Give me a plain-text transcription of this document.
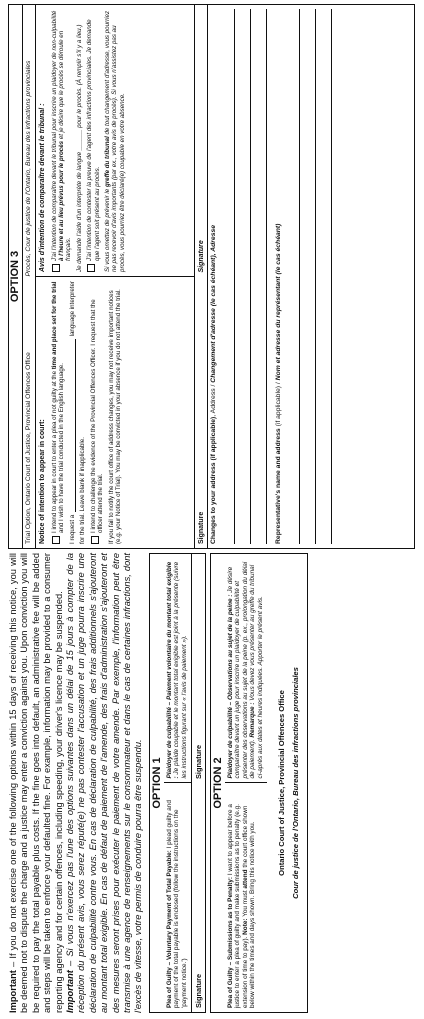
Important – If you do not exercise one of the following options within 15 days of receiving this notice, you will be deemed not to dispute the charge and a justice may enter a conviction against you. Upon conviction you will be required to pay the total payable plus costs. If the fine goes into default, an administrative fee will be added and steps will be taken to enforce your defaulted fine. For example, information may be provided to a consumer reporting agency and for certain offences, including speeding, your driver's licence may be suspended. Important – Si vous n'exercez pas l'une des options suivantes dans un délai de 15 jours à compter de la réception du présent avis, vous serez réputé(e) ne pas contester l'accusation et un juge pourra inscrire une déclaration de culpabilité contre vous. En cas de déclaration de culpabilité, des frais additionnels s'ajouteront au montant total exigible. En cas de défaut de paiement de l'amende, des frais d'administration s'ajouteront et des mesures seront prises pour exécuter le paiement de votre amende. Par exemple, l'information peut être transmise à une agence de renseignements sur le consommateur et dans le cas de certaines infractions, dont l'excès de vitesse, votre permis de conduire pourra être suspendu. OPTION 1
Plea of Guilty – Voluntary Payment of Total Payable: I plead guilty and payment of the total payable is enclosed (follow the instructions on the 'payment notice.')
Plaidoyer de culpabilité – Paiement volontaire du montant total exigible : Je plaide coupable et le montant total exigible est joint à la présente (suivre les instructions figurant sur « l'avis de paiement »).
Signature
Signature OPTION 2
Plea of Guilty – Submissions as to Penalty: I want to appear before a justice to enter a plea of guilty and make submissions as to penalty (e.g. extension of time to pay). Note: You must attend the court office shown below within the times and days shown. Bring this notice with you.
Plaidoyer de culpabilité – Observations au sujet de la peine : Je désire comparaître devant un juge pour inscrire un plaidoyer de culpabilité et présenter des observations au sujet de la peine (p. ex., prolongation du délai de paiement). Remarque : Vous devez vous présenter au greffe du tribunal ci-après aux dates et heures indiquées. Apporter le présent avis.
Ontario Court of Justice, Provincial Offences Office Cour de justice de l'Ontario, Bureau des infractions provinciales
OPTION 3
Trial Option, Ontario Court of Justice, Provincial Offences Office
Procès, Cour de justice de l'Ontario, Bureau des infractions provinciales
Notice of intention to appear in court: I intend to appear in court to enter a plea of not guilty at the time and place set for the trial and I wish to have the trial conducted in the English language. I request a
language interpreter
for the trial. Leave blank if inapplicable. I intend to challenge the evidence of the Provincial Offences Officer. I request that the officer attend the trial. If you fail to notify the court office of address changes, you may not receive important notices (e.g. your Notice of Trial). You may be convicted in your absence if you do not attend the trial.
Avis d'intention de comparaître devant le tribunal : J'ai l'intention de comparaître devant le tribunal pour inscrire un plaidoyer de non-culpabilité à l'heure et au lieu prévus pour le procès et je désire que le procès se déroule en français. Je demande l'aide d'un interprète de langue ______ pour le procès. (À remplir s'il y a lieu.) J'ai l'intention de contester la preuve de l'agent des infractions provinciales. Je demande que l'agent soit présent au procès. Si vous omettez de prévenir le greffe du tribunal de tout changement d'adresse, vous pourriez ne pas recevoir d'avis importants (par ex., votre avis de procès). Si vous n'assistez pas au procès, vous pourriez être déclaré(e) coupable en votre absence.
Signature
Signature
Changes to your address (if applicable), Address / Changement d'adresse (le cas échéant), Adresse
Representative's name and address (if applicable) / Nom et adresse du représentant (le cas échéant)
